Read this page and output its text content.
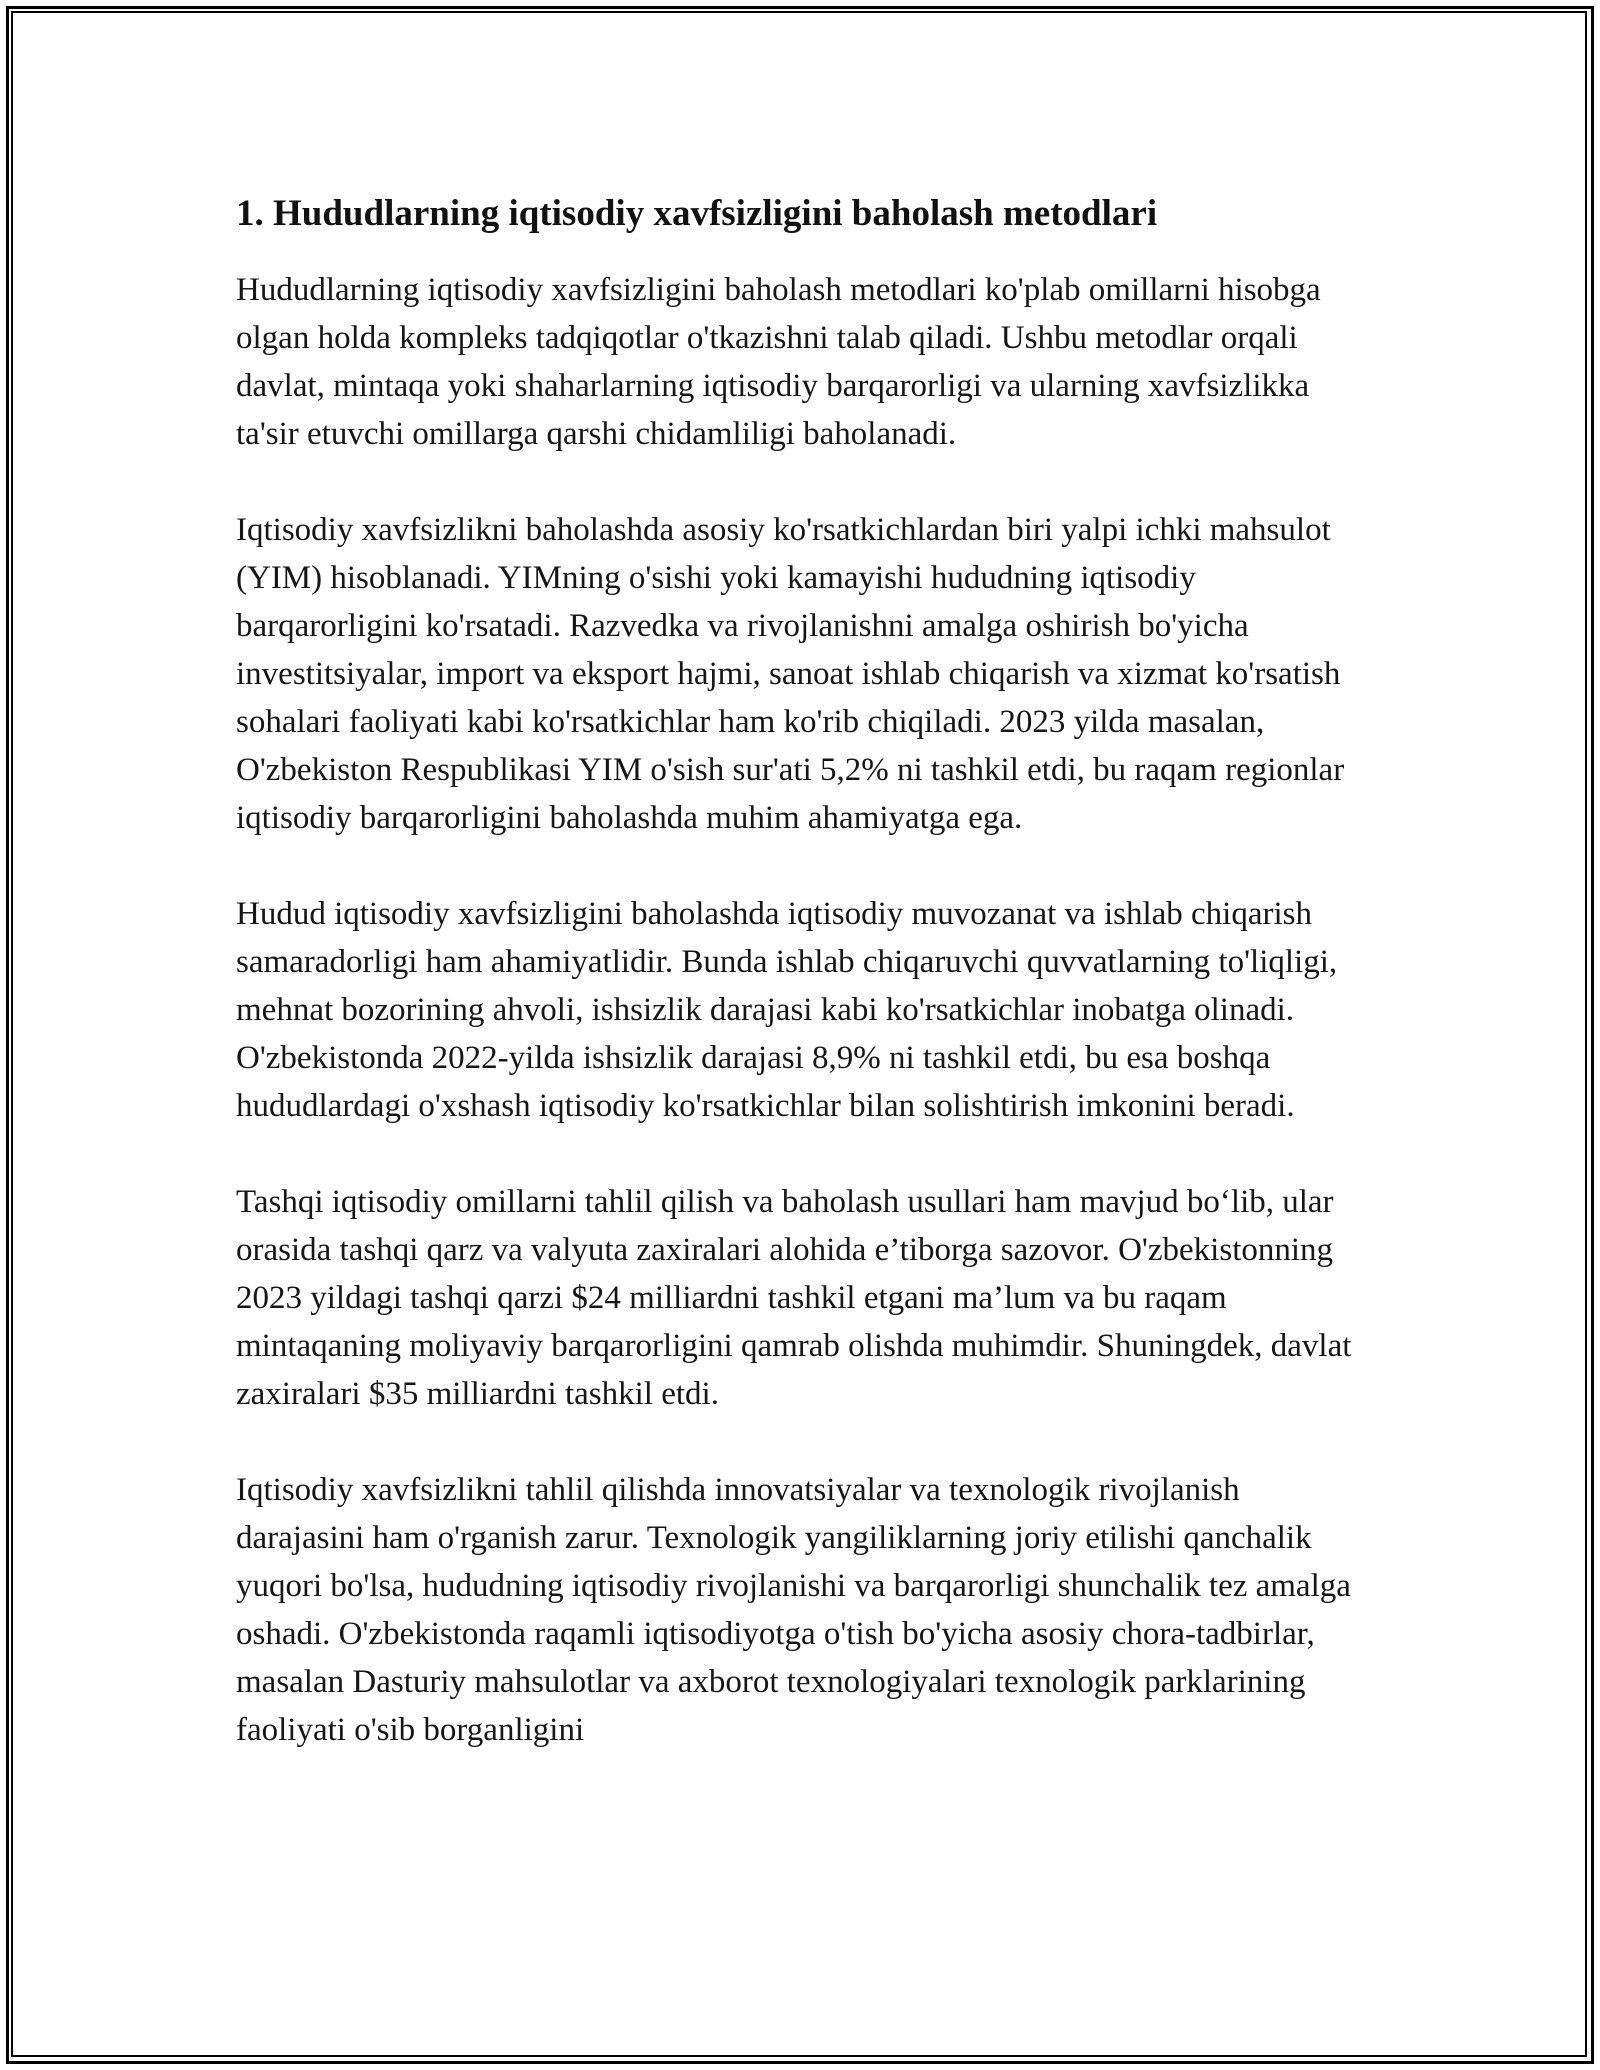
1. Hududlarning iqtisodiy xavfsizligini baholash metodlari

Hududlarning iqtisodiy xavfsizligini baholash metodlari ko'plab omillarni hisobga olgan holda kompleks tadqiqotlar o'tkazishni talab qiladi. Ushbu metodlar orqali davlat, mintaqa yoki shaharlarning iqtisodiy barqarorligi va ularning xavfsizlikka ta'sir etuvchi omillarga qarshi chidamliligi baholanadi.

Iqtisodiy xavfsizlikni baholashda asosiy ko'rsatkichlardan biri yalpi ichki mahsulot (YIM) hisoblanadi. YIMning o'sishi yoki kamayishi hududning iqtisodiy barqarorligini ko'rsatadi. Razvedka va rivojlanishni amalga oshirish bo'yicha investitsiyalar, import va eksport hajmi, sanoat ishlab chiqarish va xizmat ko'rsatish sohalari faoliyati kabi ko'rsatkichlar ham ko'rib chiqiladi. 2023 yilda masalan, O'zbekiston Respublikasi YIM o'sish sur'ati 5,2% ni tashkil etdi, bu raqam regionlar iqtisodiy barqarorligini baholashda muhim ahamiyatga ega.

Hudud iqtisodiy xavfsizligini baholashda iqtisodiy muvozanat va ishlab chiqarish samaradorligi ham ahamiyatlidir. Bunda ishlab chiqaruvchi quvvatlarning to'liqligi, mehnat bozorining ahvoli, ishsizlik darajasi kabi ko'rsatkichlar inobatga olinadi. O'zbekistonda 2022-yilda ishsizlik darajasi 8,9% ni tashkil etdi, bu esa boshqa hududlardagi o'xshash iqtisodiy ko'rsatkichlar bilan solishtirish imkonini beradi.

Tashqi iqtisodiy omillarni tahlil qilish va baholash usullari ham mavjud bo‘lib, ular orasida tashqi qarz va valyuta zaxiralari alohida e’tiborga sazovor. O'zbekistonning 2023 yildagi tashqi qarzi $24 milliardni tashkil etgani ma’lum va bu raqam mintaqaning moliyaviy barqarorligini qamrab olishda muhimdir. Shuningdek, davlat zaxiralari $35 milliardni tashkil etdi.

Iqtisodiy xavfsizlikni tahlil qilishda innovatsiyalar va texnologik rivojlanish darajasini ham o'rganish zarur. Texnologik yangiliklarning joriy etilishi qanchalik yuqori bo'lsa, hududning iqtisodiy rivojlanishi va barqarorligi shunchalik tez amalga oshadi. O'zbekistonda raqamli iqtisodiyotga o'tish bo'yicha asosiy chora-tadbirlar, masalan Dasturiy mahsulotlar va axborot texnologiyalari texnologik parklarining faoliyati o'sib borganligini
